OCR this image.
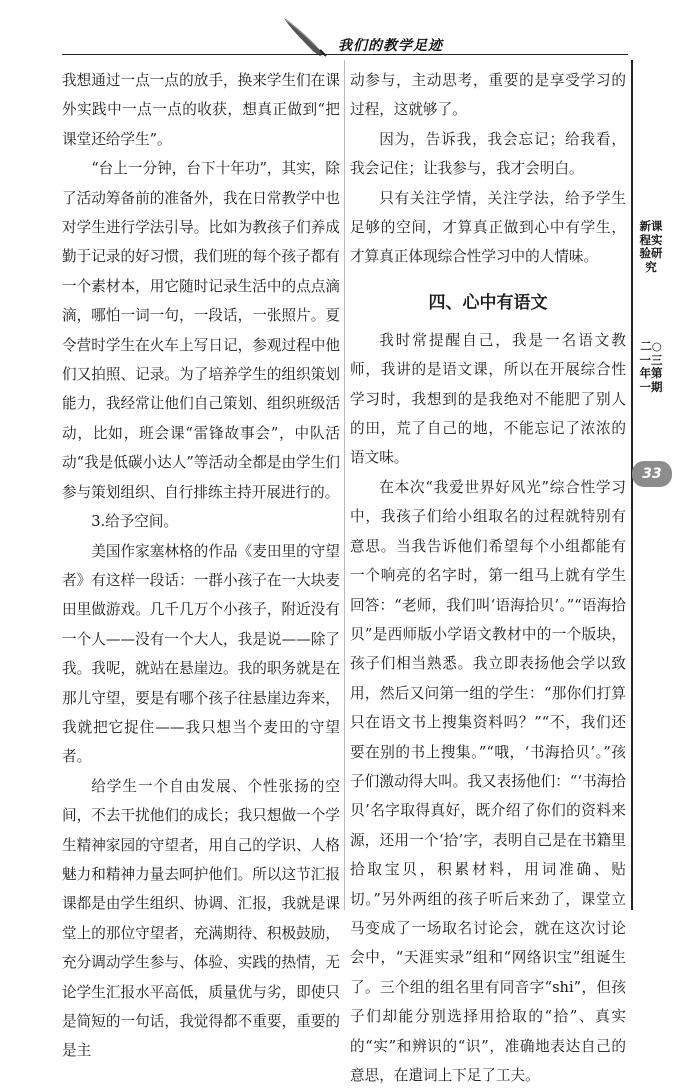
我们的教学足迹

我想通过一点一点的放手，换来学生们在课外实践中一点一点的收获，想真正做到“把课堂还给学生”。

“台上一分钟，台下十年功”，其实，除了活动筹备前的准备外，我在日常教学中也对学生进行学法引导。比如为教孩子们养成勤于记录的好习惯，我们班的每个孩子都有一个素材本，用它随时记录生活中的点点滴滴，哪怕一词一句，一段话，一张照片。夏令营时学生在火车上写日记，参观过程中他们又拍照、记录。为了培养学生的组织策划能力，我经常让他们自己策划、组织班级活动，比如，班会课“雷锋故事会”，中队活动“我是低碳小达人”等活动全都是由学生们参与策划组织、自行排练主持开展进行的。

3.给予空间。

美国作家塞林格的作品《麦田里的守望者》有这样一段话：一群小孩子在一大块麦田里做游戏。几千几万个小孩子，附近没有一个人——没有一个大人，我是说——除了我。我呢，就站在悬崖边。我的职务就是在那儿守望，要是有哪个孩子往悬崖边奔来，我就把它捉住——我只想当个麦田的守望者。

给学生一个自由发展、个性张扬的空间，不去干扰他们的成长；我只想做一个学生精神家园的守望者，用自己的学识、人格魅力和精神力量去呵护他们。所以这节汇报课都是由学生组织、协调、汇报，我就是课堂上的那位守望者，充满期待、积极鼓励，充分调动学生参与、体验、实践的热情，无论学生汇报水平高低，质量优与劣，即使只是简短的一句话，我觉得都不重要，重要的是主

动参与，主动思考，重要的是享受学习的过程，这就够了。

因为，告诉我，我会忘记；给我看，我会记住；让我参与，我才会明白。

只有关注学情，关注学法，给予学生足够的空间，才算真正做到心中有学生，才算真正体现综合性学习中的人情味。

四、心中有语文

我时常提醒自己，我是一名语文教师，我讲的是语文课，所以在开展综合性学习时，我想到的是我绝对不能肥了别人的田，荒了自己的地，不能忘记了浓浓的语文味。

在本次“我爱世界好风光”综合性学习中，我孩子们给小组取名的过程就特别有意思。当我告诉他们希望每个小组都能有一个响亮的名字时，第一组马上就有学生回答：“老师，我们叫‘语海拾贝’。”“语海拾贝”是西师版小学语文教材中的一个版块，孩子们相当熟悉。我立即表扬他会学以致用，然后又问第一组的学生：“那你们打算只在语文书上搜集资料吗？”“不，我们还要在别的书上搜集。”“哦，‘书海拾贝’。”孩子们激动得大叫。我又表扬他们：“‘书海拾贝’名字取得真好，既介绍了你们的资料来源，还用一个‘拾’字，表明自己是在书籍里拾取宝贝，积累材料，用词准确、贴切。”另外两组的孩子听后来劲了，课堂立马变成了一场取名讨论会，就在这次讨论会中，“天涯实录”组和“网络识宝”组诞生了。三个组的组名里有同音字“shi”，但孩子们却能分别选择用拾取的“拾”、真实的“实”和辨识的“识”，准确地表达自己的意思，在遣词上下足了工夫。

新课程实验研究
二○一三年第一期
33
